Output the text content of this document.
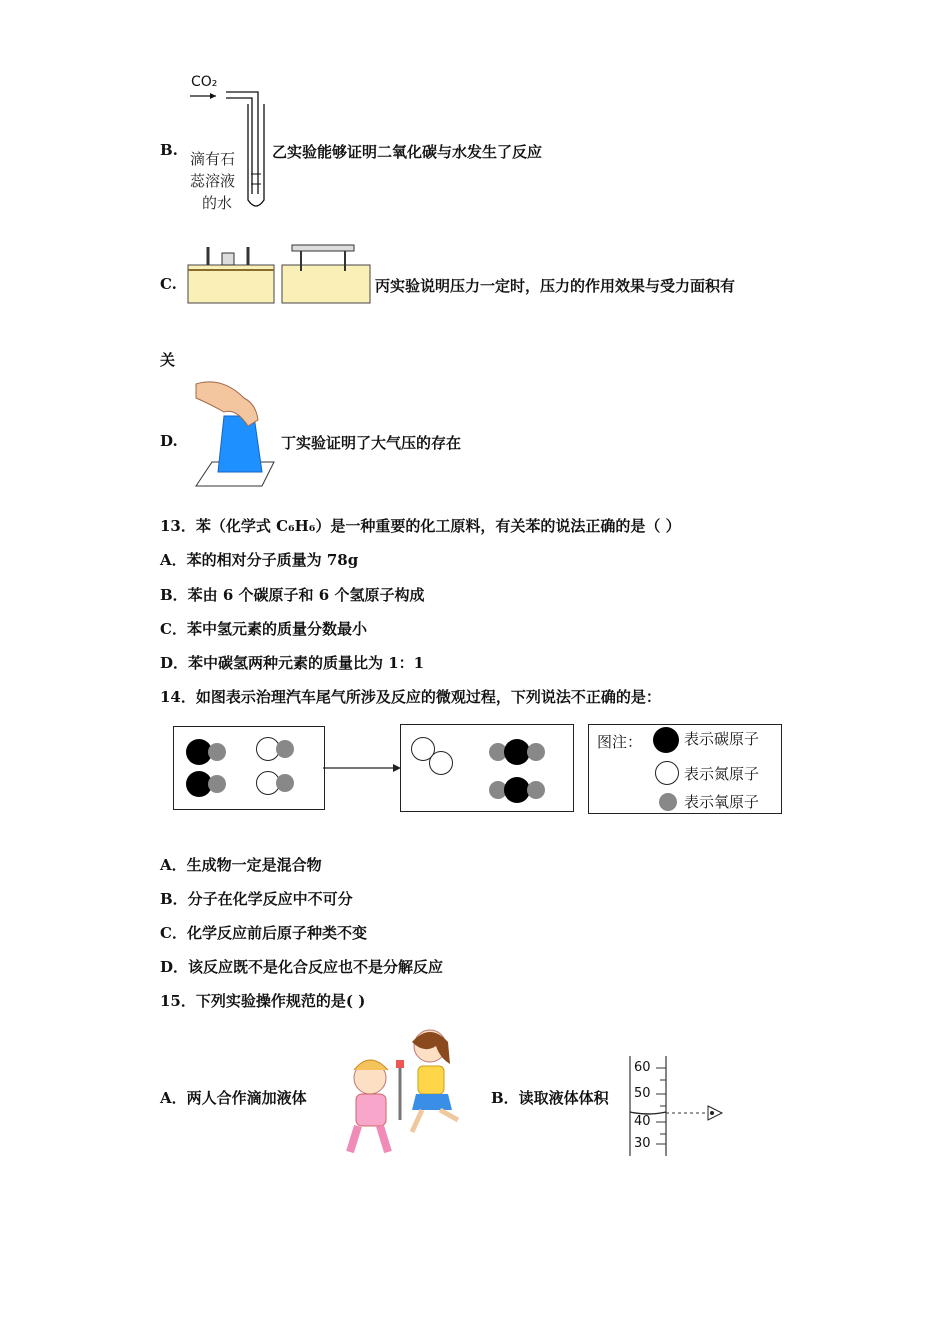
B.
CO₂
滴有石
蕊溶液
的水
乙实验能够证明二氧化碳与水发生了反应
C.	丙实验说明压力一定时，压力的作用效果与受力面积有
关
D.	丁实验证明了大气压的存在
13．苯（化学式 C₆H₆）是一种重要的化工原料，有关苯的说法正确的是（ ）
A．苯的相对分子质量为 78g
B．苯由 6 个碳原子和 6 个氢原子构成
C．苯中氢元素的质量分数最小
D．苯中碳氢两种元素的质量比为 1：1
14．如图表示治理汽车尾气所涉及反应的微观过程，下列说法不正确的是：
图注：	表示碳原子
表示氮原子
表示氧原子
A．生成物一定是混合物
B．分子在化学反应中不可分
C．化学反应前后原子种类不变
D．该反应既不是化合反应也不是分解反应
15．下列实验操作规范的是( )
A．两人合作滴加液体	B．读取液体体积
60
50
40
30
